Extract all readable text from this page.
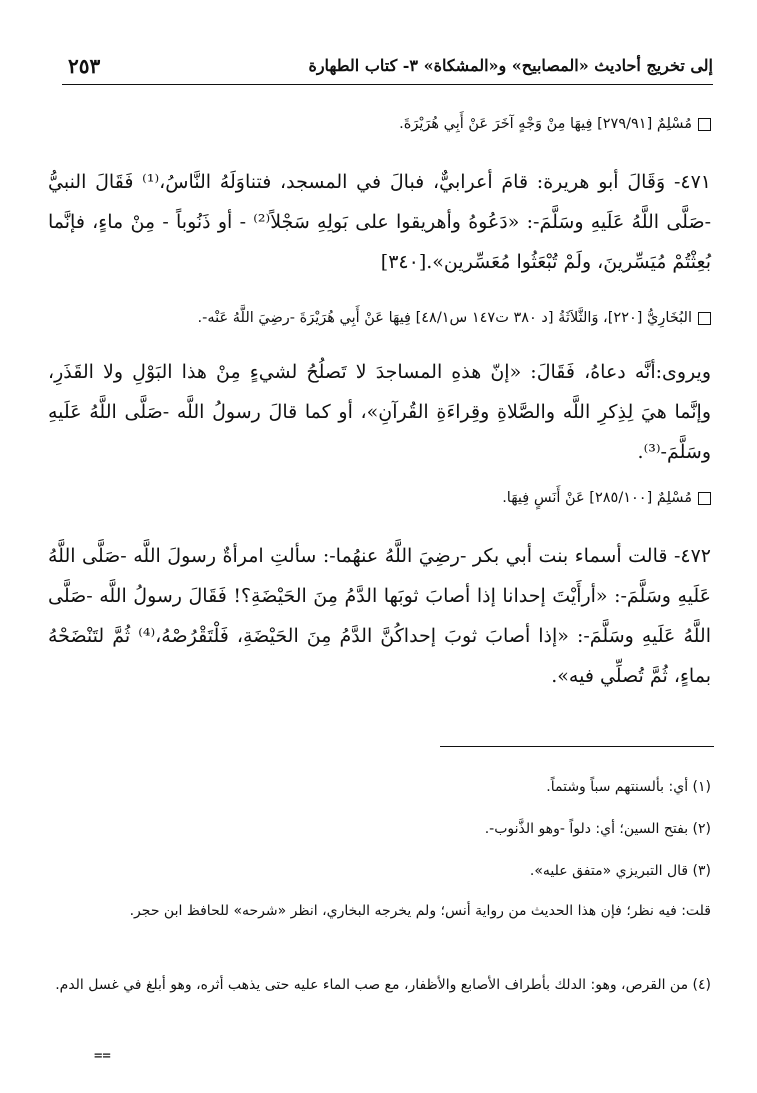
إلى تخريج أحاديث «المصابيح» و«المشكاة» ٣- كتاب الطهارة
٢٥٣
مُسْلِمٌ [٢٧٩/٩١] فِيهَا مِنْ وَجْهٍ آخَرَ عَنْ أَبِي هُرَيْرَةَ.
٤٧١- وَقَالَ أبو هريرة: قامَ أعرابيٌّ، فبالَ في المسجد، فتناوَلَهُ النَّاسُ،⁽¹⁾ فَقَالَ النبيُّ -صَلَّى اللَّهُ عَلَيهِ وسَلَّمَ-: «دَعُوهُ وأهريقوا على بَولِهِ سَجْلاً⁽²⁾ - أو ذَنُوباً - مِنْ ماءٍ، فإنَّما بُعِثْتُمْ مُيَسِّرينَ، ولَمْ تُبْعَثُوا مُعَسِّرين».[٣٤٠]
البُخَارِيُّ [٢٢٠]، وَالثَّلاَثَةُ [د ٣٨٠ ت١٤٧ س٤٨/١] فِيهَا عَنْ أَبِي هُرَيْرَةَ -رضِيَ اللَّهُ عَنْه-.
ويروى:أنَّه دعاهُ، فَقَالَ: «إنّ هذهِ المساجدَ لا تَصلُحُ لشيءٍ مِنْ هذا البَوْلِ ولا القَذَرِ، وإنَّما هيَ لِذِكرِ اللَّه والصَّلاةِ وقِراءَةِ القُرآنِ»، أو كما قالَ رسولُ اللَّه -صَلَّى اللَّهُ عَلَيهِ وسَلَّمَ-⁽³⁾.
مُسْلِمٌ [٢٨٥/١٠٠] عَنْ أَنَسٍ فِيهَا.
٤٧٢- قالت أسماء بنت أبي بكر -رضِيَ اللَّهُ عنهُما-: سألتِ امرأةٌ رسولَ اللَّه -صَلَّى اللَّهُ عَلَيهِ وسَلَّمَ-: «أرأَيْتَ إحدانا إذا أصابَ ثوبَها الدَّمُ مِنَ الحَيْضَةِ؟! فَقَالَ رسولُ اللَّه -صَلَّى اللَّهُ عَلَيهِ وسَلَّمَ-: «إذا أصابَ ثوبَ إحداكُنَّ الدَّمُ مِنَ الحَيْضَةِ، فَلْتَقْرُصْهُ،⁽⁴⁾ ثُمَّ لتَنْضَحْهُ بماءٍ، ثُمَّ تُصلِّي فيه».
(١) أي: بألسنتهم سباً وشتماً.
(٢) بفتح السين؛ أي: دلواً -وهو الذَّنوب-.
(٣) قال التبريزي «متفق عليه».
قلت: فيه نظر؛ فإن هذا الحديث من رواية أنس؛ ولم يخرجه البخاري، انظر «شرحه» للحافظ ابن حجر.
(٤) من القرص، وهو: الدلك بأطراف الأصابع والأظفار، مع صب الماء عليه حتى يذهب أثره، وهو أبلغ في غسل الدم.
==
